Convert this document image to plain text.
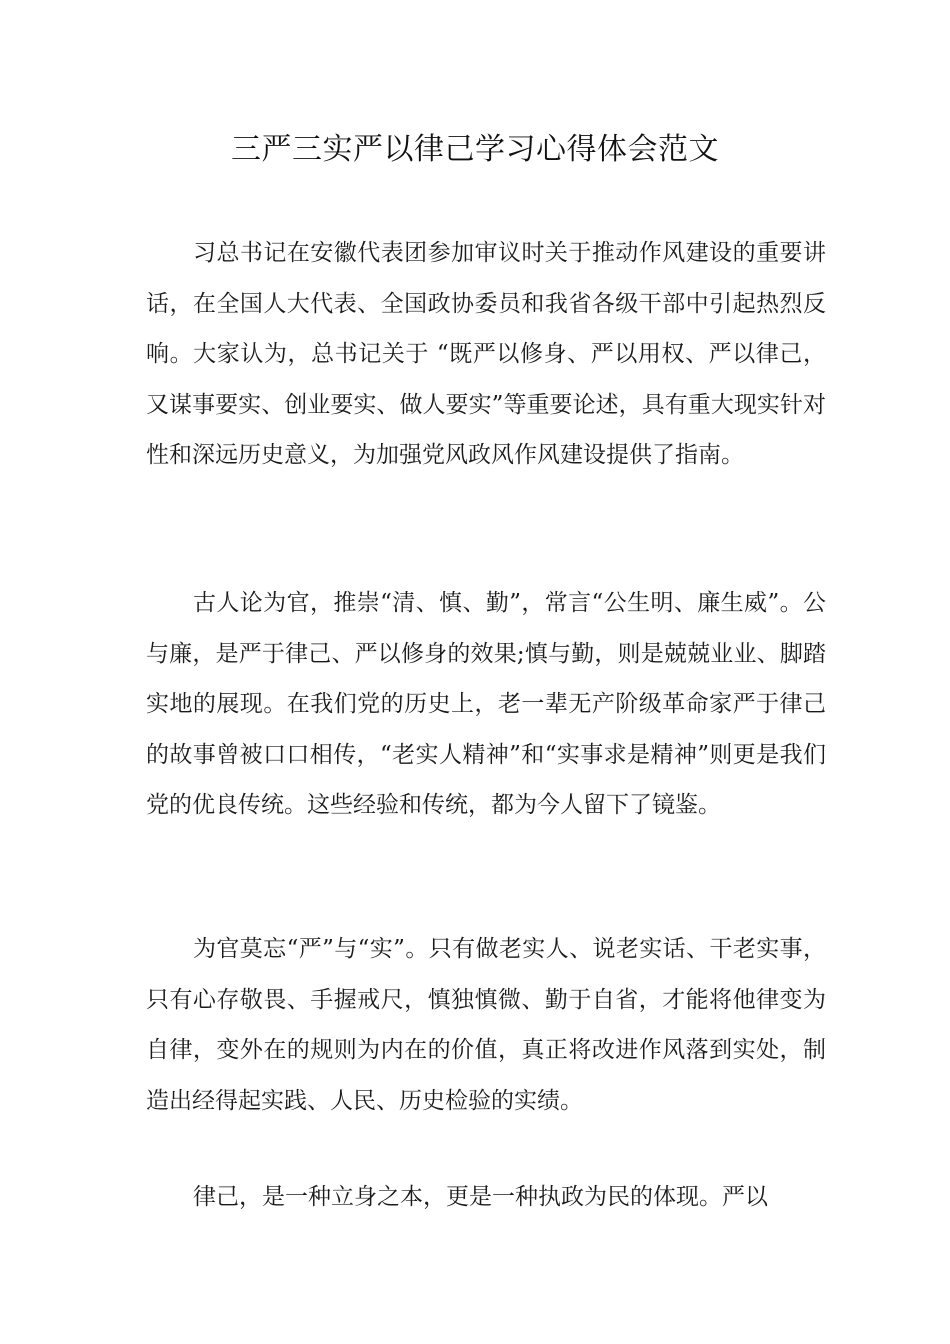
三严三实严以律己学习心得体会范文

习总书记在安徽代表团参加审议时关于推动作风建设的重要讲话，在全国人大代表、全国政协委员和我省各级干部中引起热烈反响。大家认为，总书记关于 “既严以修身、严以用权、严以律己，又谋事要实、创业要实、做人要实”等重要论述，具有重大现实针对性和深远历史意义，为加强党风政风作风建设提供了指南。

古人论为官，推崇“清、慎、勤”，常言“公生明、廉生威”。公与廉，是严于律己、严以修身的效果;慎与勤，则是兢兢业业、脚踏实地的展现。在我们党的历史上，老一辈无产阶级革命家严于律己的故事曾被口口相传，“老实人精神”和“实事求是精神”则更是我们党的优良传统。这些经验和传统，都为今人留下了镜鉴。

为官莫忘“严”与“实”。只有做老实人、说老实话、干老实事，只有心存敬畏、手握戒尺，慎独慎微、勤于自省，才能将他律变为自律，变外在的规则为内在的价值，真正将改进作风落到实处，制造出经得起实践、人民、历史检验的实绩。

律己，是一种立身之本，更是一种执政为民的体现。严以
